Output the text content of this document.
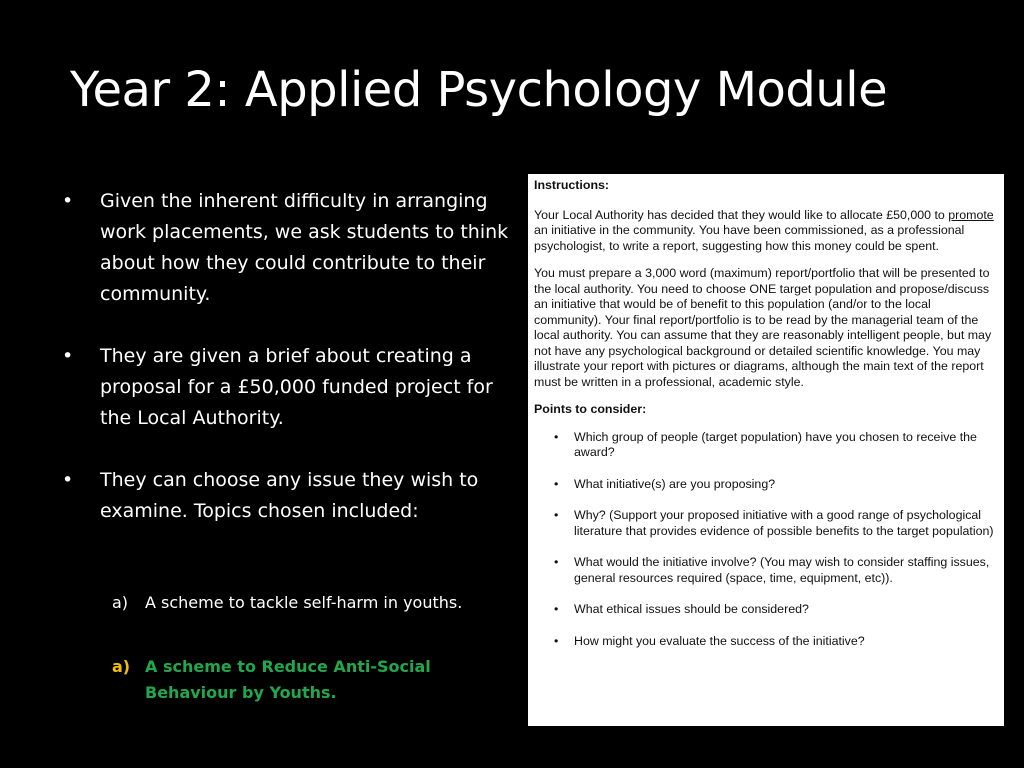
Year 2: Applied Psychology Module
• Given the inherent difficulty in arranging work placements, we ask students to think about how they could contribute to their community.
• They are given a brief about creating a proposal for a £50,000 funded project for the Local Authority.
• They can choose any issue they wish to examine. Topics chosen included:
a) A scheme to tackle self-harm in youths.
a) A scheme to Reduce Anti-Social Behaviour by Youths.
Instructions:

Your Local Authority has decided that they would like to allocate £50,000 to promote an initiative in the community. You have been commissioned, as a professional psychologist, to write a report, suggesting how this money could be spent.

You must prepare a 3,000 word (maximum) report/portfolio that will be presented to the local authority. You need to choose ONE target population and propose/discuss an initiative that would be of benefit to this population (and/or to the local community). Your final report/portfolio is to be read by the managerial team of the local authority. You can assume that they are reasonably intelligent people, but may not have any psychological background or detailed scientific knowledge. You may illustrate your report with pictures or diagrams, although the main text of the report must be written in a professional, academic style.

Points to consider:
• Which group of people (target population) have you chosen to receive the award?
• What initiative(s) are you proposing?
• Why? (Support your proposed initiative with a good range of psychological literature that provides evidence of possible benefits to the target population)
• What would the initiative involve? (You may wish to consider staffing issues, general resources required (space, time, equipment, etc)).
• What ethical issues should be considered?
• How might you evaluate the success of the initiative?
